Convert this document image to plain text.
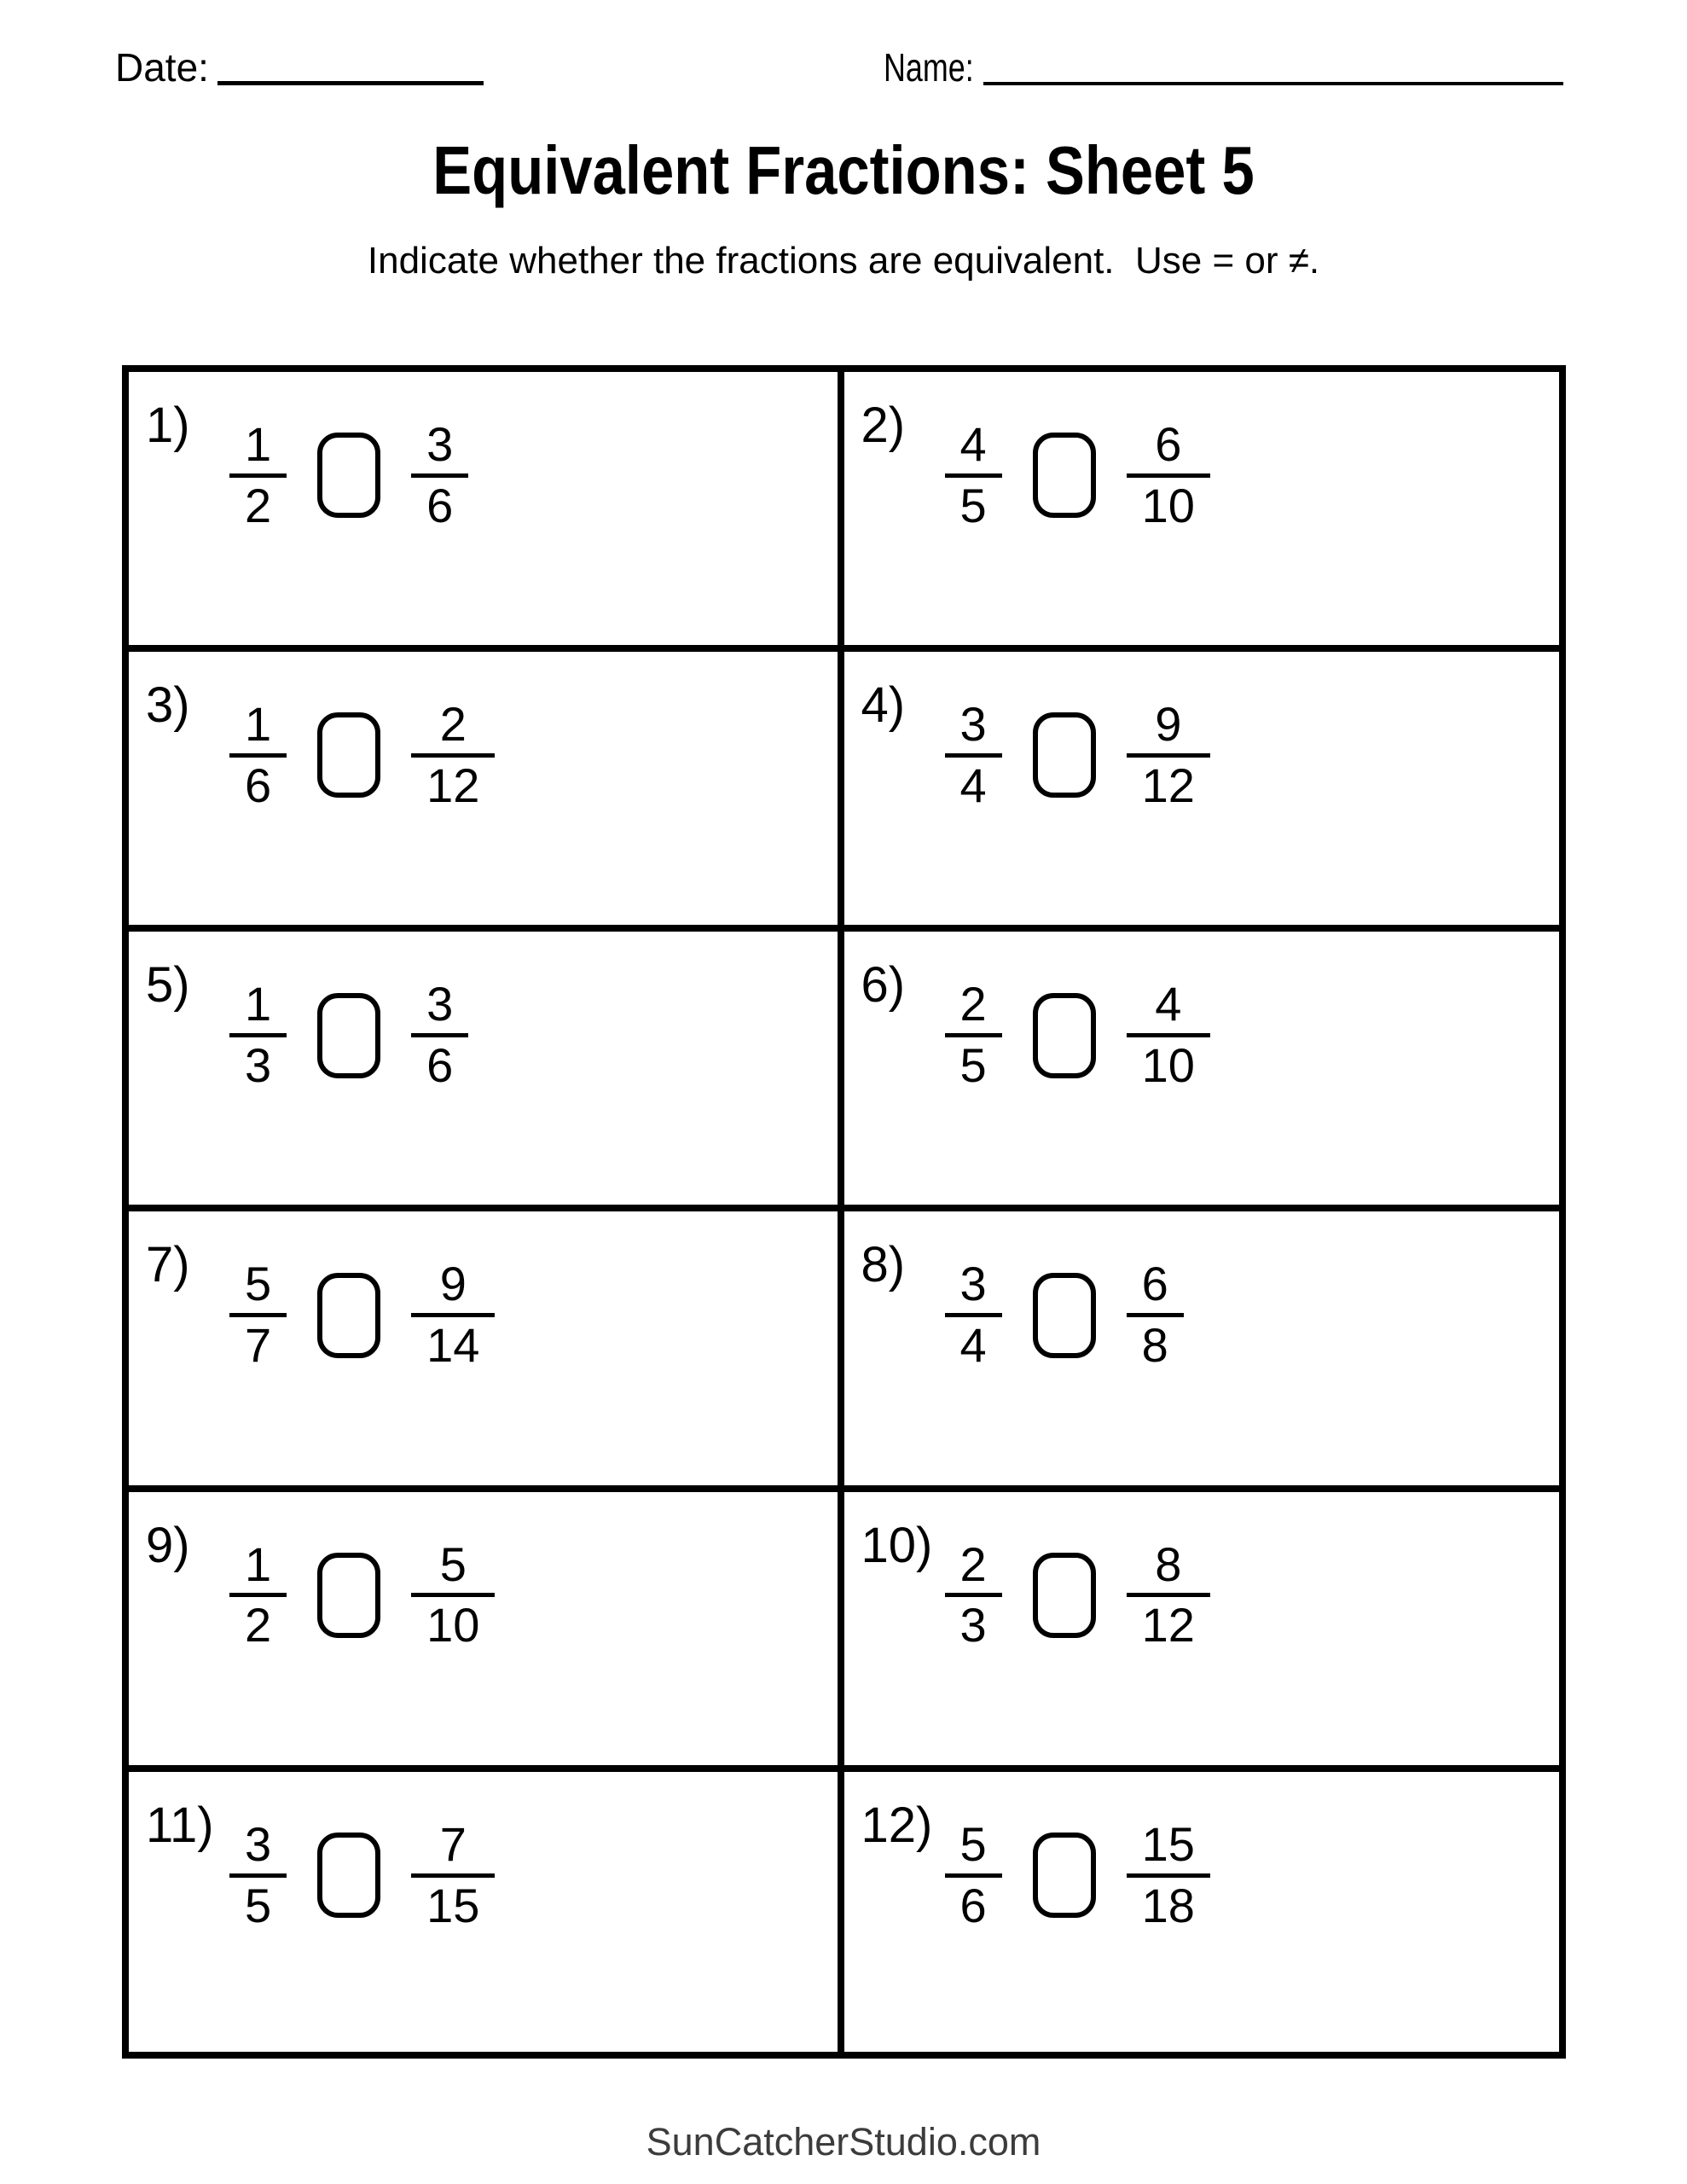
Date:	Name:
Equivalent Fractions: Sheet 5
Indicate whether the fractions are equivalent.  Use = or ≠.
1)	1
2
3
6
2)	4
5
6
10
3)	1
6
2
12
4)	3
4
9
12
5)	1
3
3
6
6)	2
5
4
10
7)	5
7
9
14
8)	3
4
6
8
9)	1
2
5
10
10) 2
3
8
12
11) 3
5
7
15
12) 5
6
15
18
SunCatcherStudio.com
